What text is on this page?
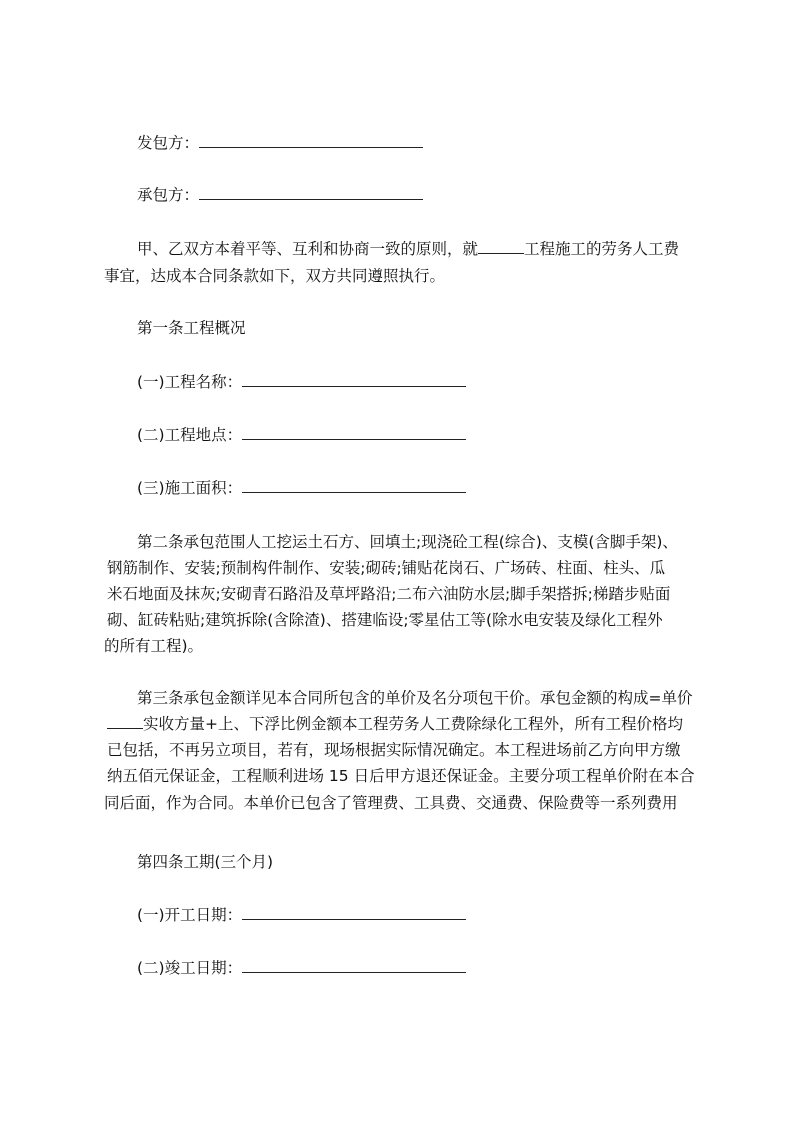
发包方：
承包方：
甲、乙双方本着平等、互利和协商一致的原则，就	工程施工的劳务人工费
事宜，达成本合同条款如下，双方共同遵照执行。
第一条工程概况
(一)工程名称：
(二)工程地点：
(三)施工面积：
第二条承包范围人工挖运土石方、回填土;现浇砼工程(综合)、支模(含脚手架)、
钢筋制作、安装;预制构件制作、安装;砌砖;铺贴花岗石、广场砖、柱面、柱头、瓜
米石地面及抹灰;安砌青石路沿及草坪路沿;二布六油防水层;脚手架搭拆;梯踏步贴面
砌、缸砖粘贴;建筑拆除(含除渣)、搭建临设;零星估工等(除水电安装及绿化工程外
的所有工程)。
第三条承包金额详见本合同所包含的单价及名分项包干价。承包金额的构成=单价
实收方量+上、下浮比例金额本工程劳务人工费除绿化工程外，所有工程价格均
已包括，不再另立项目，若有，现场根据实际情况确定。本工程进场前乙方向甲方缴
纳五佰元保证金，工程顺利进场 15 日后甲方退还保证金。主要分项工程单价附在本合
同后面，作为合同。本单价已包含了管理费、工具费、交通费、保险费等一系列费用
第四条工期(三个月)
(一)开工日期：
(二)竣工日期：
